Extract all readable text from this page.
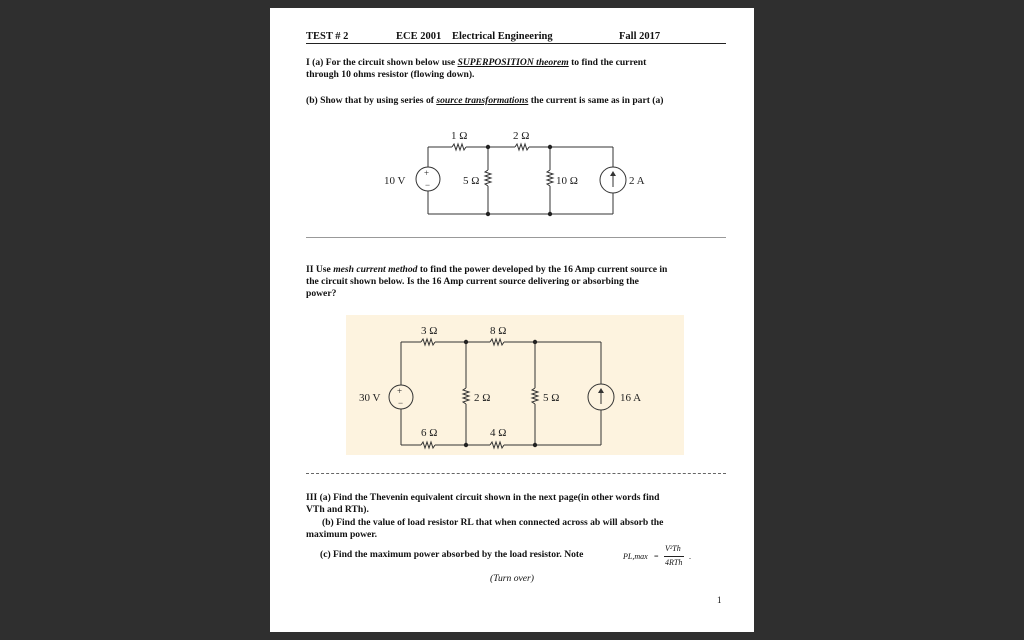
TEST # 2	ECE 2001 Electrical Engineering	Fall 2017
I (a) For the circuit shown below use SUPERPOSITION theorem to find the current
through 10 ohms resistor (flowing down).
(b) Show that by using series of source transformations the current is same as in part (a)
1 Ω	2 Ω
10 V
+
−	5 Ω	10 Ω	2 A
II Use mesh current method to find the power developed by the 16 Amp current source in
the circuit shown below. Is the 16 Amp current source delivering or absorbing the
power?
3 Ω	8 Ω
30 V
+
−	2 Ω	5 Ω	16 A
6 Ω	4 Ω
III (a) Find the Thevenin equivalent circuit shown in the next page(in other words find
VTh and RTh).
(b) Find the value of load resistor RL that when connected across ab will absorb the
maximum power.
(c) Find the maximum power absorbed by the load resistor. Note	PL,max =
V²Th
4RTh
.
(Turn over)
1
